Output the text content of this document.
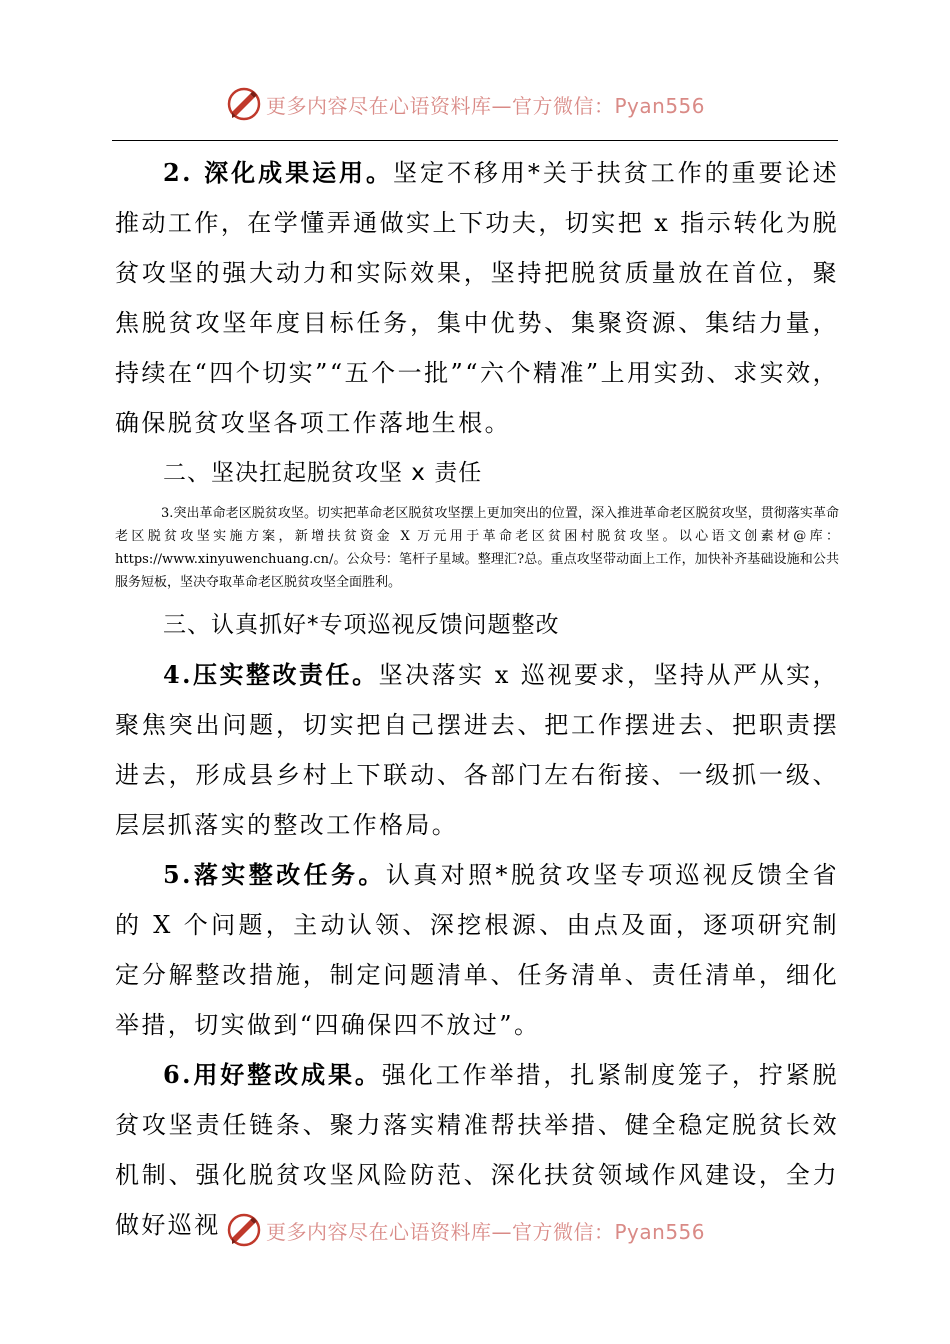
更多内容尽在心语资料库—官方微信：Pyan556

2. 深化成果运用。坚定不移用*关于扶贫工作的重要论述推动工作，在学懂弄通做实上下功夫，切实把 x 指示转化为脱贫攻坚的强大动力和实际效果，坚持把脱贫质量放在首位，聚焦脱贫攻坚年度目标任务，集中优势、集聚资源、集结力量，持续在“四个切实”“五个一批”“六个精准”上用实劲、求实效，确保脱贫攻坚各项工作落地生根。

二、坚决扛起脱贫攻坚 x 责任

3.突出革命老区脱贫攻坚。切实把革命老区脱贫攻坚摆上更加突出的位置，深入推进革命老区脱贫攻坚，贯彻落实革命老区脱贫攻坚实施方案，新增扶贫资金 X 万元用于革命老区贫困村脱贫攻坚。以心语文创素材@库：https://www.xinyuwenchuang.cn/。公众号：笔杆子星域。整理汇?总。重点攻坚带动面上工作，加快补齐基础设施和公共服务短板，坚决夺取革命老区脱贫攻坚全面胜利。

三、认真抓好*专项巡视反馈问题整改

4.压实整改责任。坚决落实 x 巡视要求，坚持从严从实，聚焦突出问题，切实把自己摆进去、把工作摆进去、把职责摆进去，形成县乡村上下联动、各部门左右衔接、一级抓一级、层层抓落实的整改工作格局。

5.落实整改任务。认真对照*脱贫攻坚专项巡视反馈全省的 X 个问题，主动认领、深挖根源、由点及面，逐项研究制定分解整改措施，制定问题清单、任务清单、责任清单，细化举措，切实做到“四确保四不放过”。

6.用好整改成果。强化工作举措，扎紧制度笼子，拧紧脱贫攻坚责任链条、聚力落实精准帮扶举措、健全稳定脱贫长效机制、强化脱贫攻坚风险防范、深化扶贫领域作风建设，全力做好巡视	更多内容尽在心语资料库—官方微信：Pyan556
